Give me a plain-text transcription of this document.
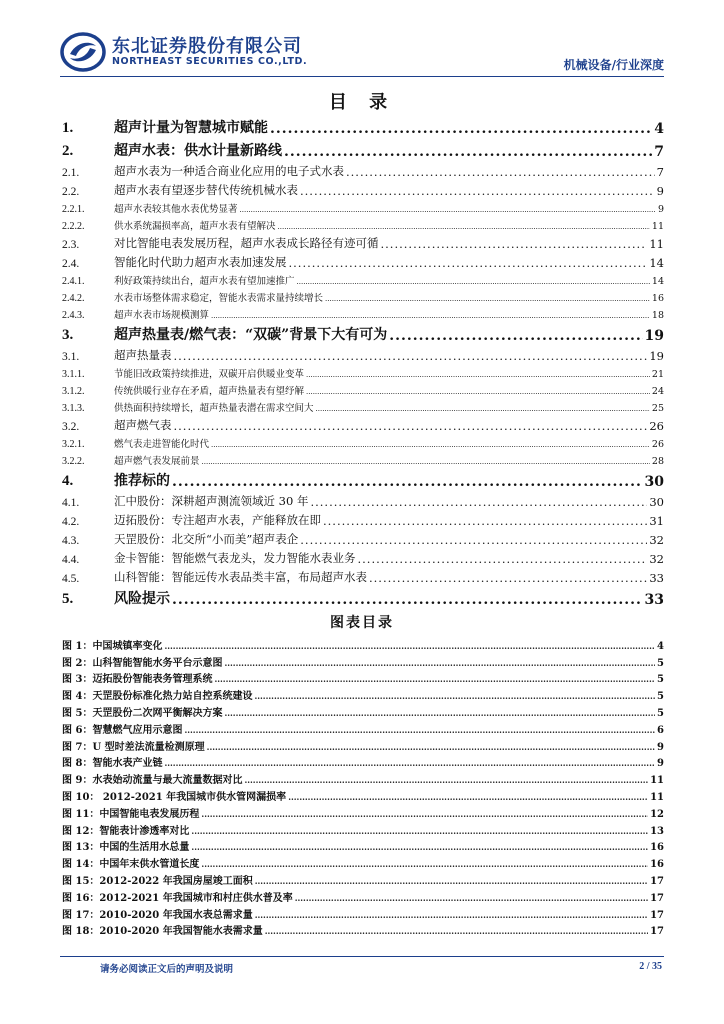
东北证券股份有限公司
NORTHEAST SECURITIES CO.,LTD.	机械设备/行业深度
目 录
1.	超声计量为智慧城市赋能 .....	4
2.	超声水表：供水计量新路线 .....	7
2.1.	超声水表为一种适合商业化应用的电子式水表 .....	7
2.2.	超声水表有望逐步替代传统机械水表 .....	9
2.2.1.	超声水表较其他水表优势显著 .....	9
2.2.2.	供水系统漏损率高，超声水表有望解决 .....	11
2.3.	对比智能电表发展历程，超声水表成长路径有迹可循 .....	11
2.4.	智能化时代助力超声水表加速发展 .....	14
2.4.1.	利好政策持续出台，超声水表有望加速推广 .....	14
2.4.2.	水表市场整体需求稳定，智能水表需求量持续增长 .....	16
2.4.3.	超声水表市场规模测算 .....	18
3.	超声热量表/燃气表：“双碳”背景下大有可为 .....	19
3.1.	超声热量表 .....	19
3.1.1.	节能旧改政策持续推进，双碳开启供暖业变革 .....	21
3.1.2.	传统供暖行业存在矛盾，超声热量表有望纾解 .....	24
3.1.3.	供热面积持续增长，超声热量表潜在需求空间大 .....	25
3.2.	超声燃气表 .....	26
3.2.1.	燃气表走进智能化时代 .....	26
3.2.2.	超声燃气表发展前景 .....	28
4.	推荐标的 .....	30
4.1.	汇中股份：深耕超声测流领域近 30 年 .....	30
4.2.	迈拓股份：专注超声水表，产能释放在即 .....	31
4.3.	天罡股份：北交所“小而美”超声表企 .....	32
4.4.	金卡智能：智能燃气表龙头，发力智能水表业务 .....	32
4.5.	山科智能：智能远传水表品类丰富，布局超声水表 .....	33
5.	风险提示 .....	33
图表目录
图 1：中国城镇率变化 .....	4
图 2：山科智能智能水务平台示意图 .....	5
图 3：迈拓股份智能表务管理系统 .....	5
图 4：天罡股份标准化热力站自控系统建设 .....	5
图 5：天罡股份二次网平衡解决方案 .....	5
图 6：智慧燃气应用示意图 .....	6
图 7：U 型时差法流量检测原理 .....	9
图 8：智能水表产业链 .....	9
图 9：水表始动流量与最大流量数据对比 .....	11
图 10： 2012-2021 年我国城市供水管网漏损率 .....	11
图 11：中国智能电表发展历程 .....	12
图 12：智能表计渗透率对比 .....	13
图 13：中国的生活用水总量 .....	16
图 14：中国年末供水管道长度 .....	16
图 15：2012-2022 年我国房屋竣工面积 .....	17
图 16：2012-2021 年我国城市和村庄供水普及率 .....	17
图 17：2010-2020 年我国水表总需求量 .....	17
图 18：2010-2020 年我国智能水表需求量 .....	17
请务必阅读正文后的声明及说明	2 / 35
